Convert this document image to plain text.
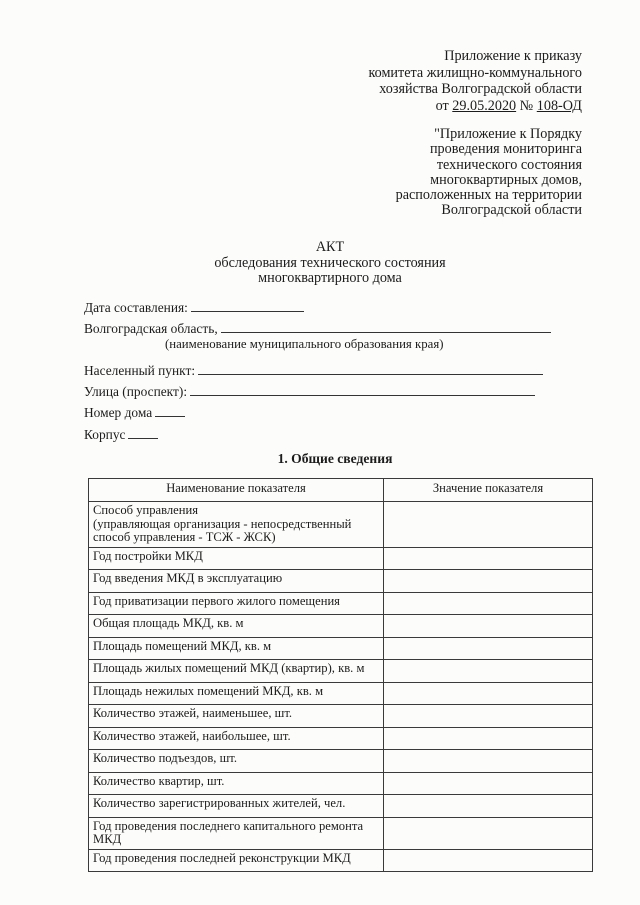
Приложение к приказу
комитета жилищно-коммунального
хозяйства Волгоградской области
от 29.05.2020 № 108-ОД
"Приложение к Порядку
проведения мониторинга
технического состояния
многоквартирных домов,
расположенных на территории
Волгоградской области
АКТ
обследования технического состояния
многоквартирного дома
Дата составления:
Волгоградская область,
(наименование муниципального образования края)
Населенный пункт:
Улица (проспект):
Номер дома
Корпус
1. Общие сведения
Наименование показателя	Значение показателя
Способ управления
(управляющая организация - непосредственный
способ управления - ТСЖ - ЖСК)	
Год постройки МКД	
Год введения МКД в эксплуатацию	
Год приватизации первого жилого помещения	
Общая площадь МКД, кв. м	
Площадь помещений МКД, кв. м	
Площадь жилых помещений МКД (квартир), кв. м	
Площадь нежилых помещений МКД, кв. м	
Количество этажей, наименьшее, шт.	
Количество этажей, наибольшее, шт.	
Количество подъездов, шт.	
Количество квартир, шт.	
Количество зарегистрированных жителей, чел.	
Год проведения последнего капитального ремонта
МКД	
Год проведения последней реконструкции МКД	
